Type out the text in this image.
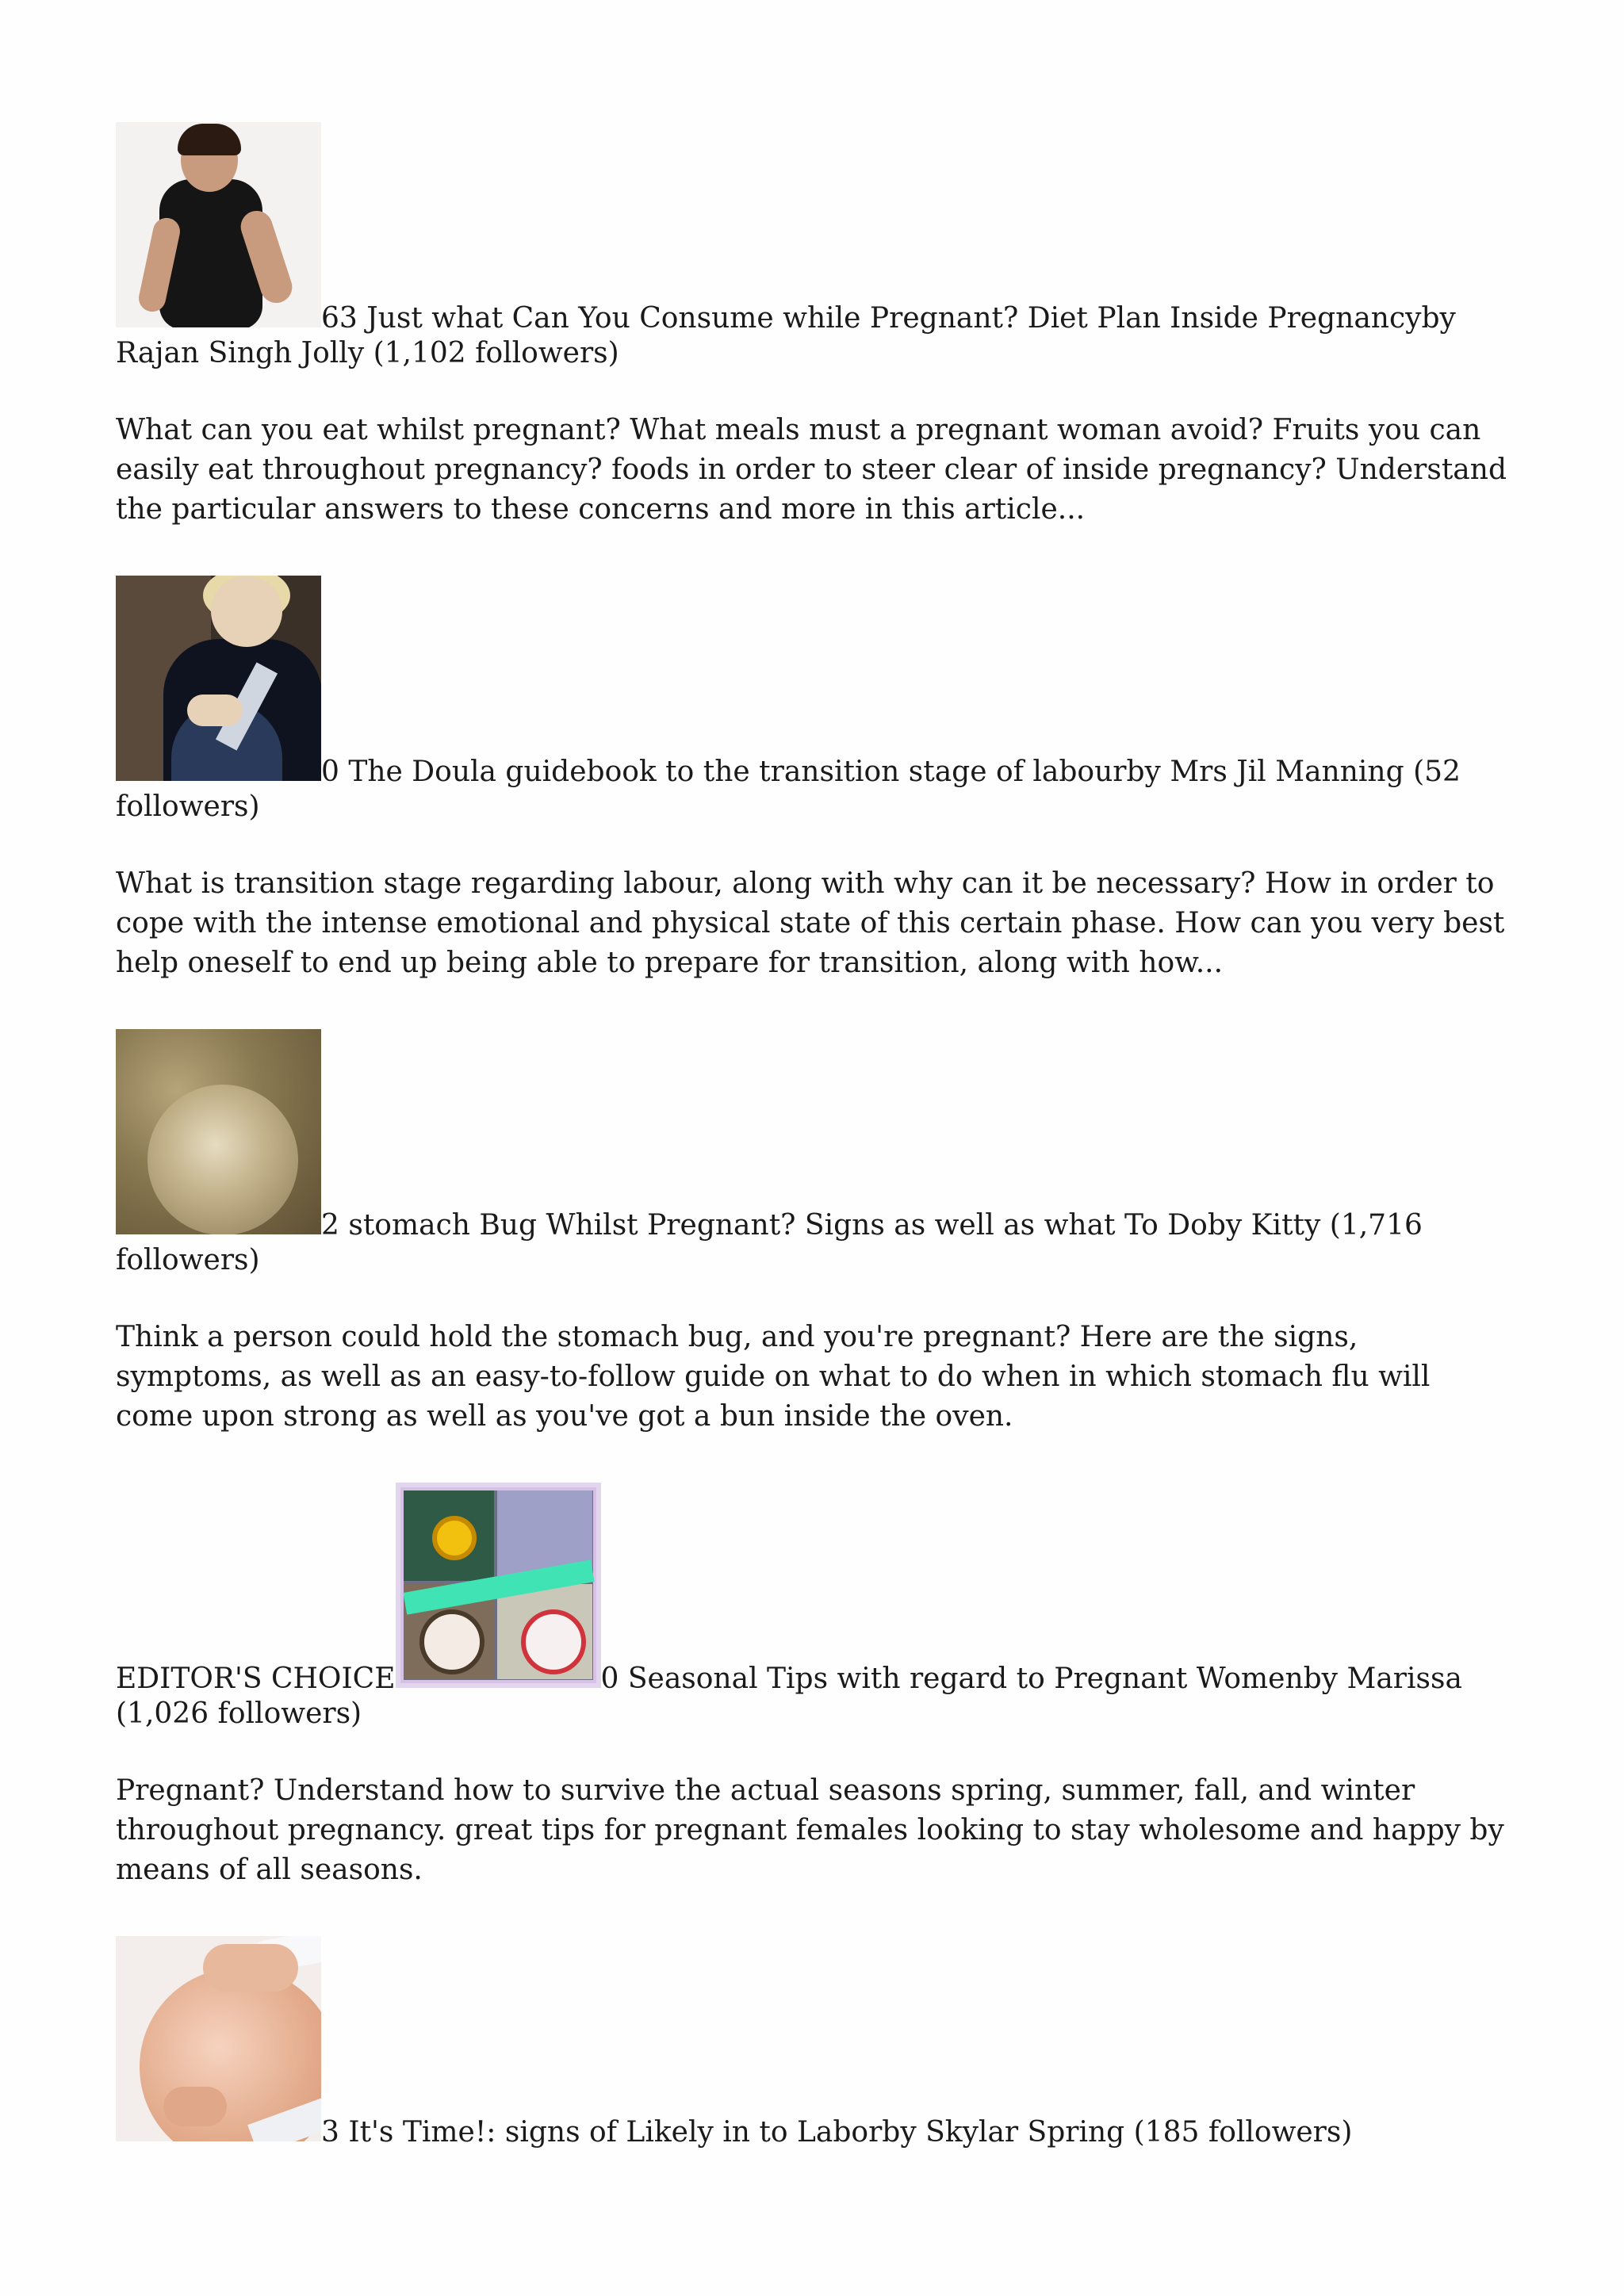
63 Just what Can You Consume while Pregnant? Diet Plan Inside Pregnancyby Rajan Singh Jolly (1,102 followers)

What can you eat whilst pregnant? What meals must a pregnant woman avoid? Fruits you can easily eat throughout pregnancy? foods in order to steer clear of inside pregnancy? Understand the particular answers to these concerns and more in this article...

0 The Doula guidebook to the transition stage of labourby Mrs Jil Manning (52 followers)

What is transition stage regarding labour, along with why can it be necessary? How in order to cope with the intense emotional and physical state of this certain phase. How can you very best help oneself to end up being able to prepare for transition, along with how...

2 stomach Bug Whilst Pregnant? Signs as well as what To Doby Kitty (1,716 followers)

Think a person could hold the stomach bug, and you're pregnant? Here are the signs, symptoms, as well as an easy-to-follow guide on what to do when in which stomach flu will come upon strong as well as you've got a bun inside the oven.

EDITOR'S CHOICE	0 Seasonal Tips with regard to Pregnant Womenby Marissa (1,026 followers)

Pregnant? Understand how to survive the actual seasons spring, summer, fall, and winter throughout pregnancy. great tips for pregnant females looking to stay wholesome and happy by means of all seasons.

3 It's Time!: signs of Likely in to Laborby Skylar Spring (185 followers)
